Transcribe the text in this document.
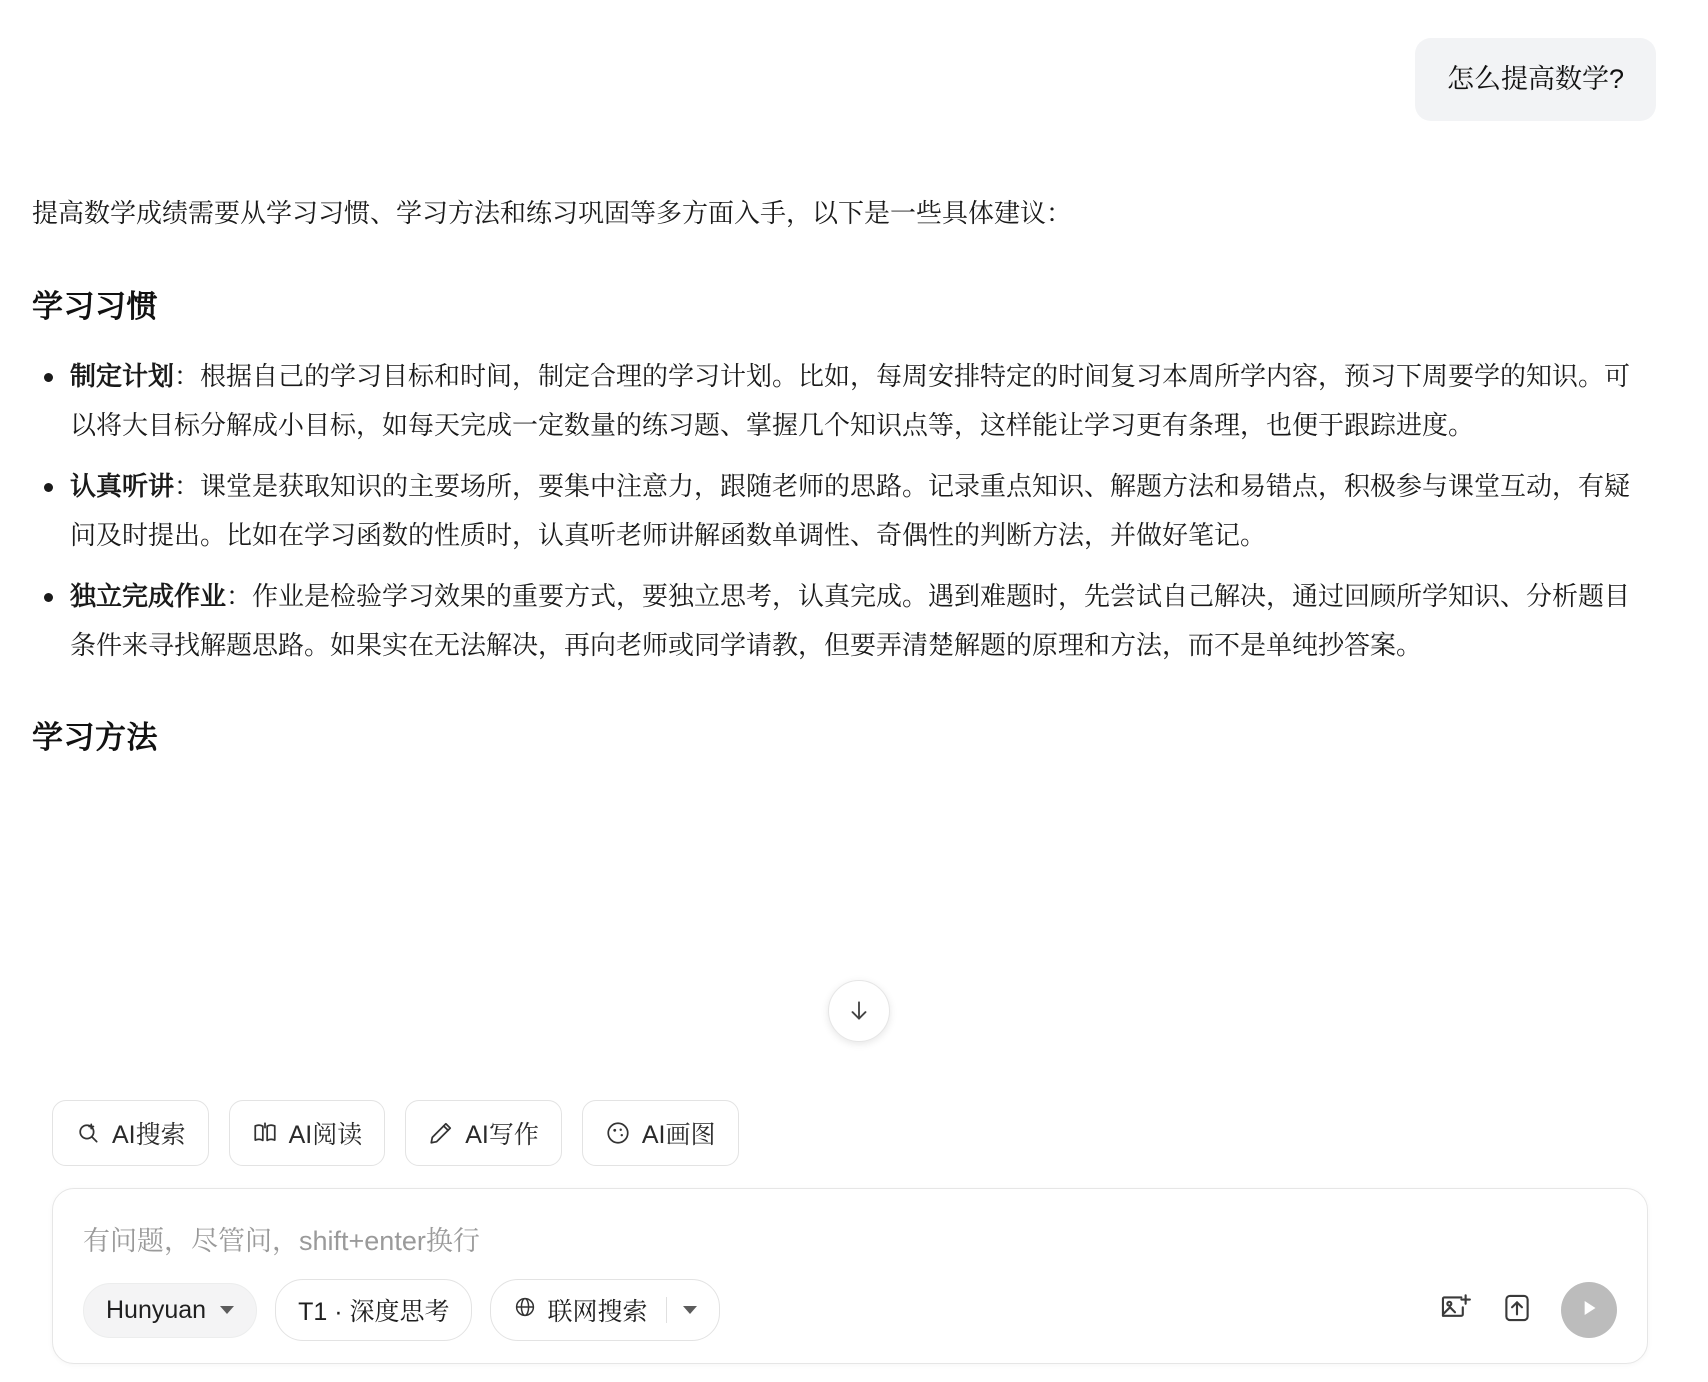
怎么提高数学?

提高数学成绩需要从学习习惯、学习方法和练习巩固等多方面入手，以下是一些具体建议：

学习习惯
制定计划：根据自己的学习目标和时间，制定合理的学习计划。比如，每周安排特定的时间复习本周所学内容，预习下周要学的知识。可以将大目标分解成小目标，如每天完成一定数量的练习题、掌握几个知识点等，这样能让学习更有条理，也便于跟踪进度。
认真听讲：课堂是获取知识的主要场所，要集中注意力，跟随老师的思路。记录重点知识、解题方法和易错点，积极参与课堂互动，有疑问及时提出。比如在学习函数的性质时，认真听老师讲解函数单调性、奇偶性的判断方法，并做好笔记。
独立完成作业：作业是检验学习效果的重要方式，要独立思考，认真完成。遇到难题时，先尝试自己解决，通过回顾所学知识、分析题目条件来寻找解题思路。如果实在无法解决，再向老师或同学请教，但要弄清楚解题的原理和方法，而不是单纯抄答案。
学习方法
AI搜索	AI阅读	AI写作	AI画图
有问题，尽管问，shift+enter换行
Hunyuan	T1 · 深度思考	联网搜索
